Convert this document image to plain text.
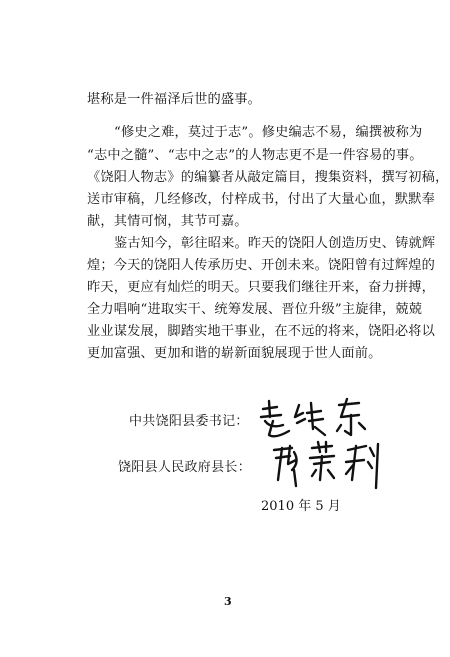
堪称是一件福泽后世的盛事。
“修史之难，莫过于志”。修史编志不易，编撰被称为
“志中之髓”、“志中之志”的人物志更不是一件容易的事。
《饶阳人物志》的编纂者从敲定篇目，搜集资料，撰写初稿，
送市审稿，几经修改，付梓成书，付出了大量心血，默默奉
献，其情可悯，其节可嘉。
鉴古知今，彰往昭来。昨天的饶阳人创造历史、铸就辉
煌；今天的饶阳人传承历史、开创未来。饶阳曾有过辉煌的
昨天，更应有灿烂的明天。只要我们继往开来，奋力拼搏，
全力唱响“进取实干、统筹发展、晋位升级”主旋律，兢兢
业业谋发展，脚踏实地干事业，在不远的将来，饶阳必将以
更加富强、更加和谐的崭新面貌展现于世人面前。
中共饶阳县委书记：
饶阳县人民政府县长：
2010 年 5 月
3
